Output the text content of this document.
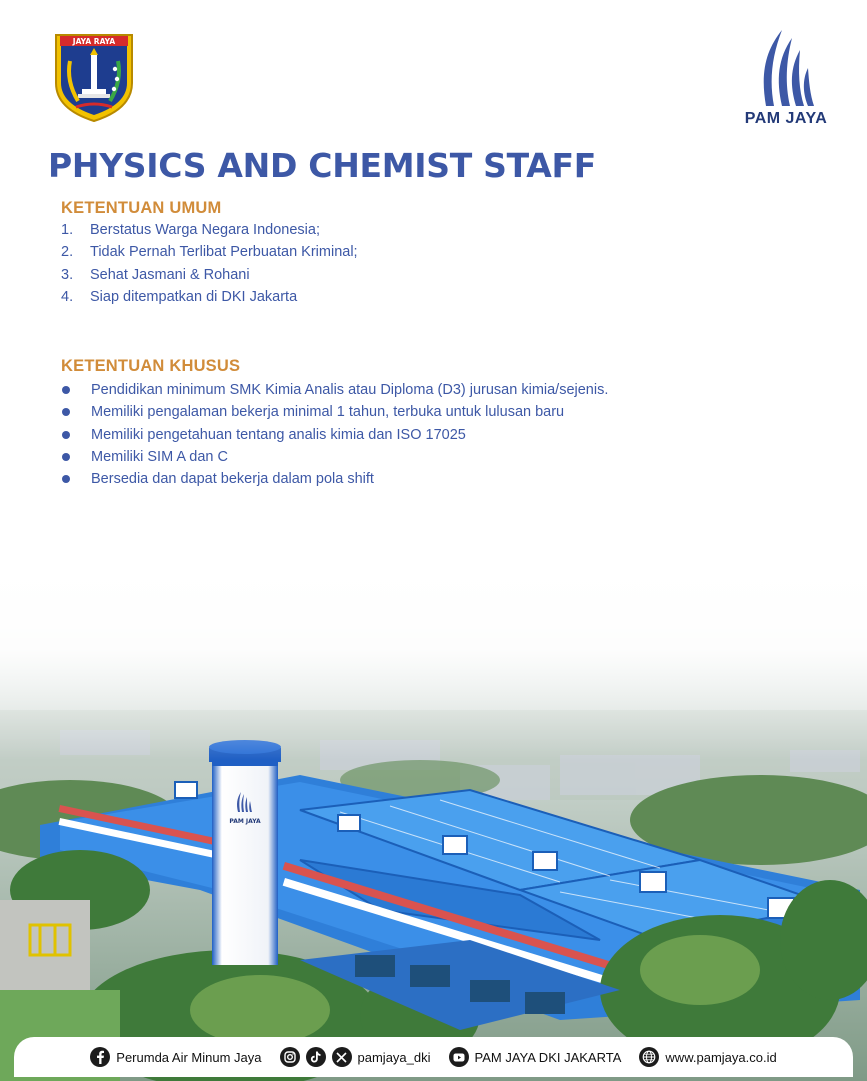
JAYA RAYA
PAM JAYA
PHYSICS AND CHEMIST STAFF
KETENTUAN UMUM
1.	Berstatus Warga Negara Indonesia;
2.	Tidak Pernah Terlibat Perbuatan Kriminal;
3.	Sehat Jasmani & Rohani
4.	Siap ditempatkan di DKI Jakarta
KETENTUAN KHUSUS
Pendidikan minimum SMK Kimia Analis atau Diploma (D3) jurusan kimia/sejenis.
Memiliki pengalaman bekerja minimal 1 tahun, terbuka untuk lulusan baru
Memiliki pengetahuan tentang analis kimia dan ISO 17025
Memiliki SIM A dan C
Bersedia dan dapat bekerja dalam pola shift
PAM JAYA
Perumda Air Minum Jaya	pamjaya_dki	PAM JAYA DKI JAKARTA	www.pamjaya.co.id
